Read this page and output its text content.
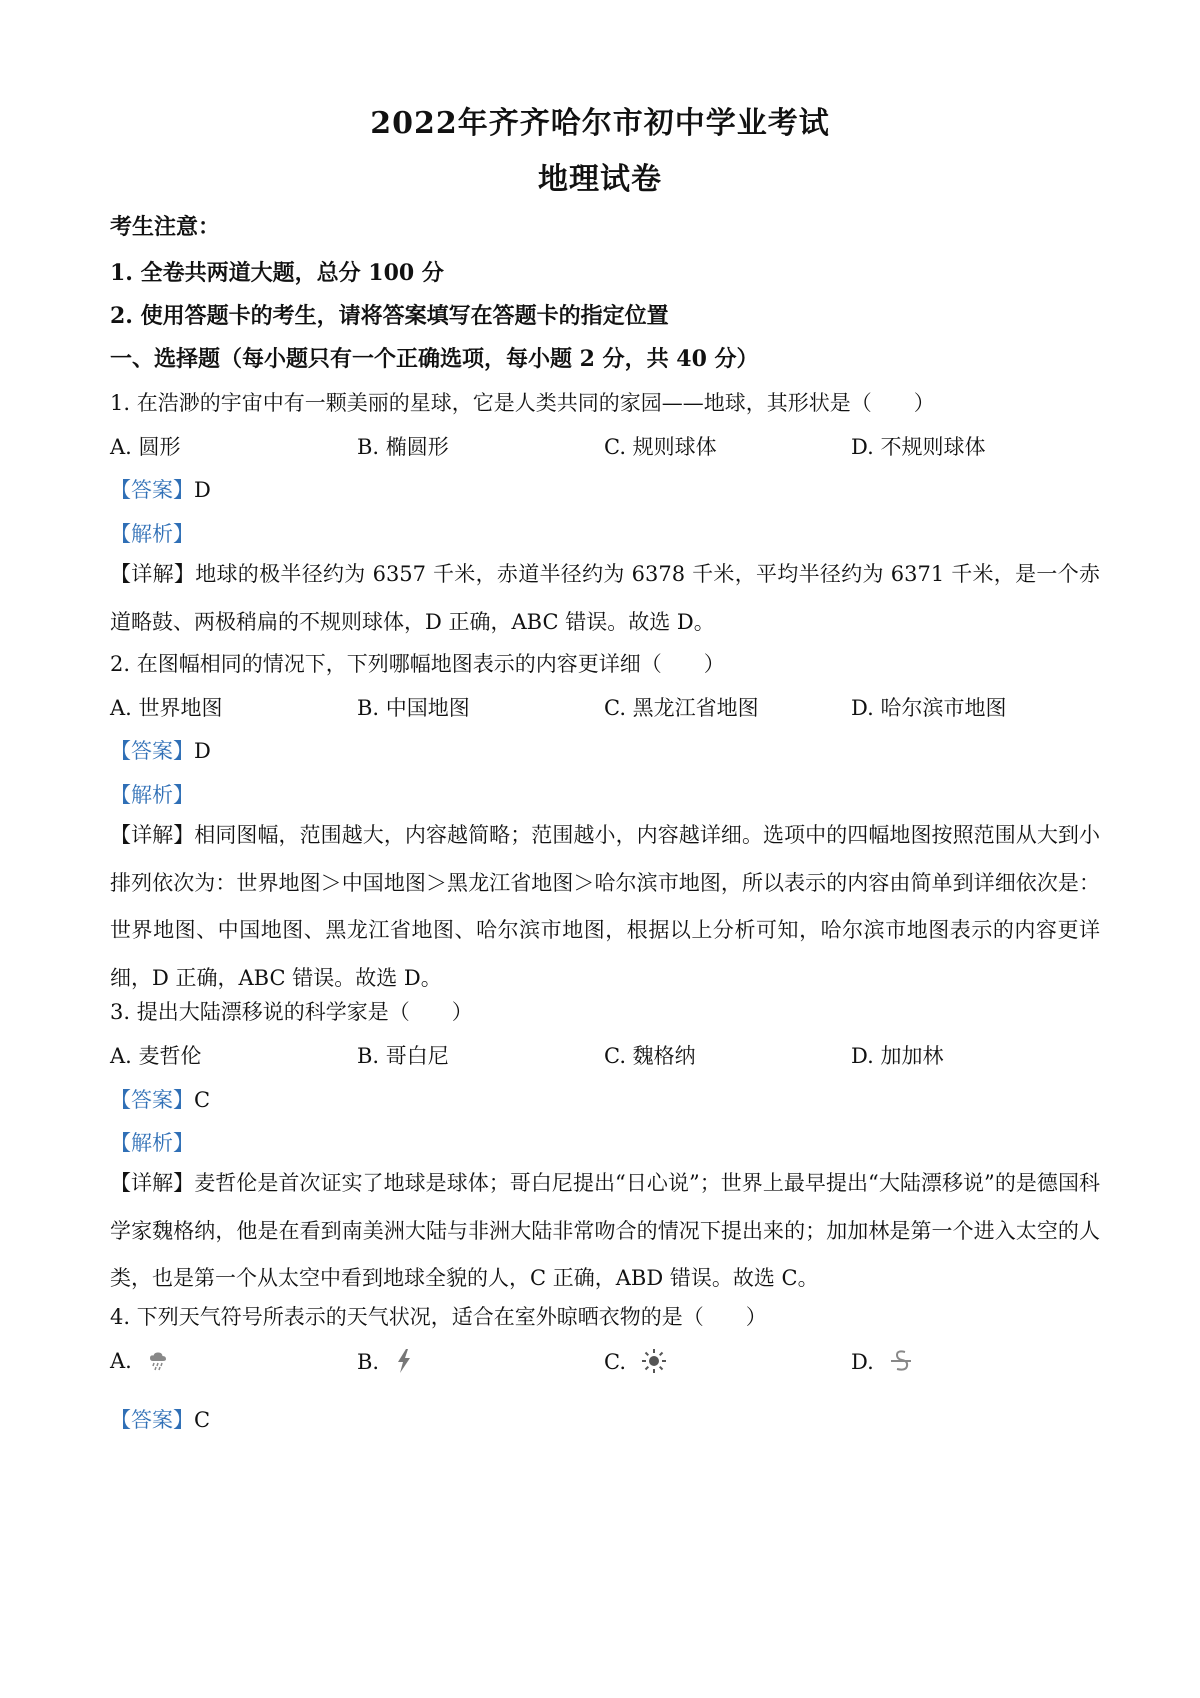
2022年齐齐哈尔市初中学业考试
地理试卷
考生注意：
1. 全卷共两道大题，总分 100 分
2. 使用答题卡的考生，请将答案填写在答题卡的指定位置
一、选择题（每小题只有一个正确选项，每小题 2 分，共 40 分）
1. 在浩渺的宇宙中有一颗美丽的星球，它是人类共同的家园——地球，其形状是（　　）
A. 圆形	B. 椭圆形	C. 规则球体	D. 不规则球体
【答案】D
【解析】
【详解】地球的极半径约为 6357 千米，赤道半径约为 6378 千米，平均半径约为 6371 千米，是一个赤道略鼓、两极稍扁的不规则球体，D 正确，ABC 错误。故选 D。
2. 在图幅相同的情况下，下列哪幅地图表示的内容更详细（　　）
A. 世界地图	B. 中国地图	C. 黑龙江省地图	D. 哈尔滨市地图
【答案】D
【解析】
【详解】相同图幅，范围越大，内容越简略；范围越小，内容越详细。选项中的四幅地图按照范围从大到小排列依次为：世界地图＞中国地图＞黑龙江省地图＞哈尔滨市地图，所以表示的内容由简单到详细依次是：世界地图、中国地图、黑龙江省地图、哈尔滨市地图，根据以上分析可知，哈尔滨市地图表示的内容更详细，D 正确，ABC 错误。故选 D。
3. 提出大陆漂移说的科学家是（　　）
A. 麦哲伦	B. 哥白尼	C. 魏格纳	D. 加加林
【答案】C
【解析】
【详解】麦哲伦是首次证实了地球是球体；哥白尼提出“日心说”；世界上最早提出“大陆漂移说”的是德国科学家魏格纳，他是在看到南美洲大陆与非洲大陆非常吻合的情况下提出来的；加加林是第一个进入太空的人类，也是第一个从太空中看到地球全貌的人，C 正确，ABD 错误。故选 C。
4. 下列天气符号所表示的天气状况，适合在室外晾晒衣物的是（　　）
A.	B.	C.	D.
【答案】C
